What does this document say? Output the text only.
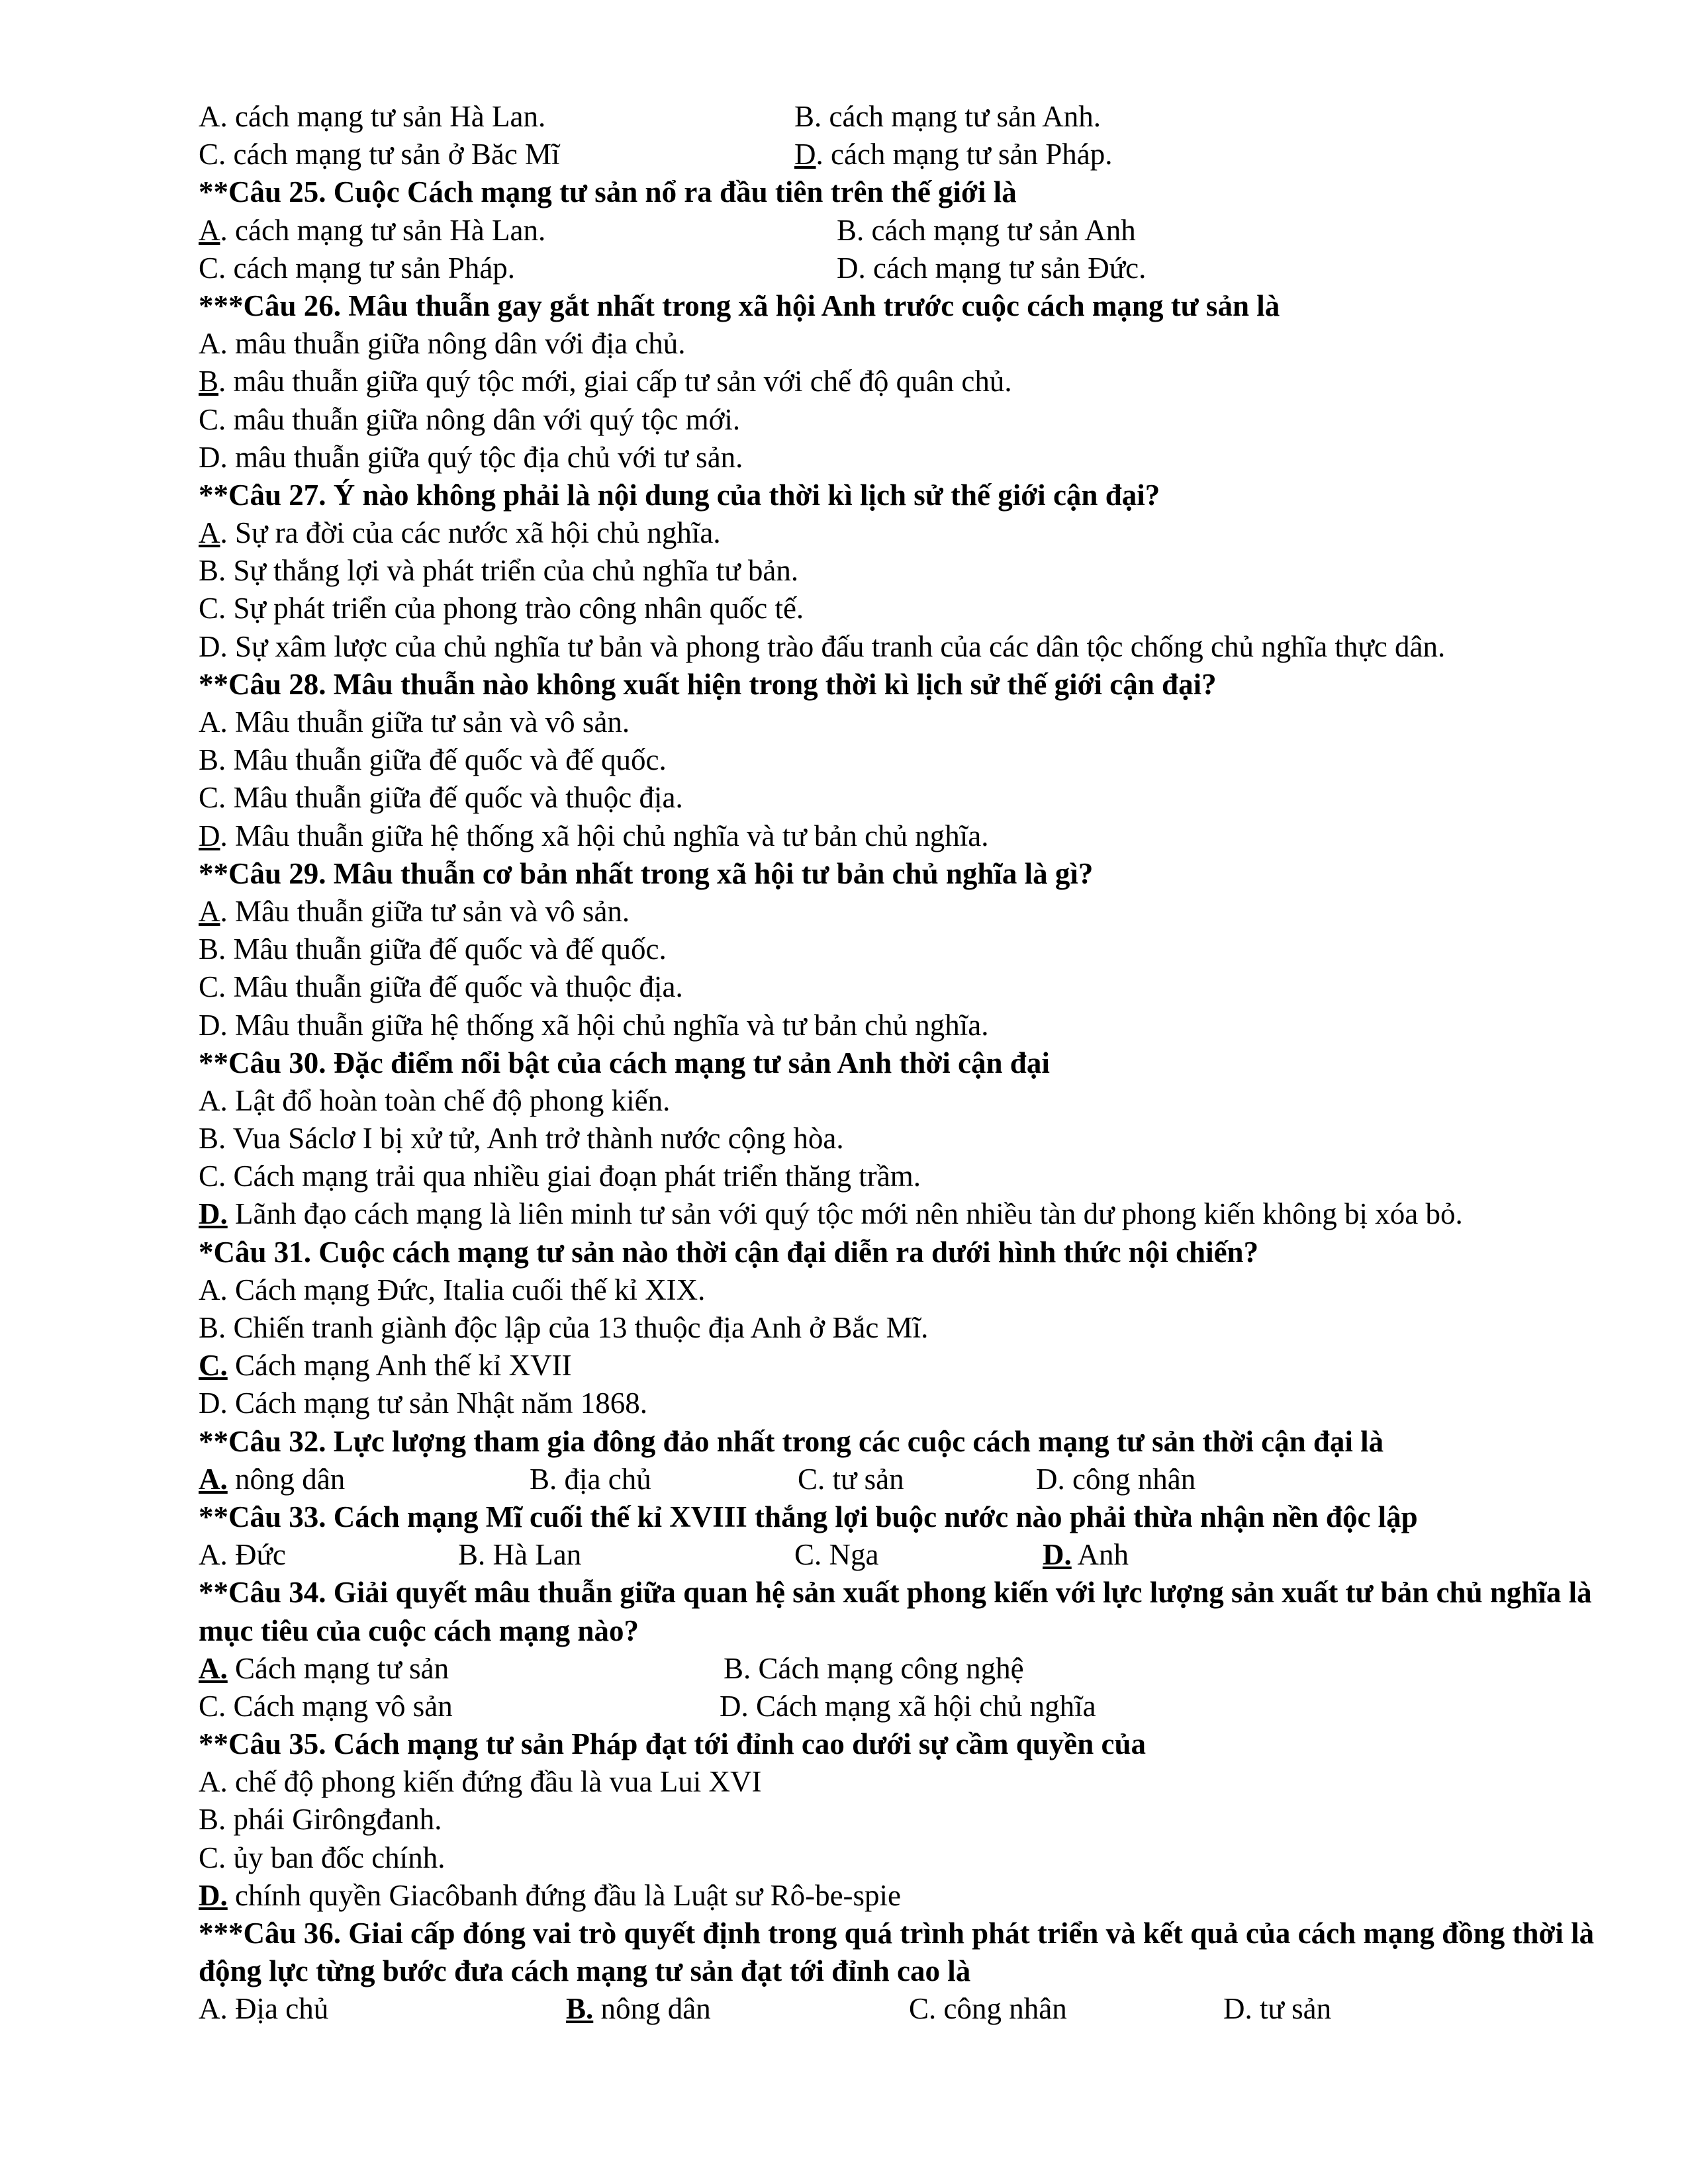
A. cách mạng tư sản Hà Lan.	B. cách mạng tư sản Anh.
C. cách mạng tư sản ở Băc Mĩ	D. cách mạng tư sản Pháp.
**Câu 25. Cuộc Cách mạng tư sản nổ ra đầu tiên trên thế giới là
A. cách mạng tư sản Hà Lan.	B. cách mạng tư sản Anh
C. cách mạng tư sản Pháp.	D. cách mạng tư sản Đức.
***Câu 26. Mâu thuẫn gay gắt nhất trong xã hội Anh trước cuộc cách mạng tư sản là
A. mâu thuẫn giữa nông dân với địa chủ.
B. mâu thuẫn giữa quý tộc mới, giai cấp tư sản với chế độ quân chủ.
C. mâu thuẫn giữa nông dân với quý tộc mới.
D. mâu thuẫn giữa quý tộc địa chủ với tư sản.
**Câu 27. Ý nào không phải là nội dung của thời kì lịch sử thế giới cận đại?
A. Sự ra đời của các nước xã hội chủ nghĩa.
B. Sự thắng lợi và phát triển của chủ nghĩa tư bản.
C. Sự phát triển của phong trào công nhân quốc tế.
D. Sự xâm lược của chủ nghĩa tư bản và phong trào đấu tranh của các dân tộc chống chủ nghĩa thực dân.
**Câu 28. Mâu thuẫn nào không xuất hiện trong thời kì lịch sử thế giới cận đại?
A. Mâu thuẫn giữa tư sản và vô sản.
B. Mâu thuẫn giữa đế quốc và đế quốc.
C. Mâu thuẫn giữa đế quốc và thuộc địa.
D. Mâu thuẫn giữa hệ thống xã hội chủ nghĩa và tư bản chủ nghĩa.
**Câu 29. Mâu thuẫn cơ bản nhất trong xã hội tư bản chủ nghĩa là gì?
A. Mâu thuẫn giữa tư sản và vô sản.
B. Mâu thuẫn giữa đế quốc và đế quốc.
C. Mâu thuẫn giữa đế quốc và thuộc địa.
D. Mâu thuẫn giữa hệ thống xã hội chủ nghĩa và tư bản chủ nghĩa.
**Câu 30. Đặc điểm nổi bật của cách mạng tư sản Anh thời cận đại
A. Lật đổ hoàn toàn chế độ phong kiến.
B. Vua Sáclơ I bị xử tử, Anh trở thành nước cộng hòa.
C. Cách mạng trải qua nhiều giai đoạn phát triển thăng trầm.
D. Lãnh đạo cách mạng là liên minh tư sản với quý tộc mới nên nhiều tàn dư phong kiến không bị xóa bỏ.
*Câu 31. Cuộc cách mạng tư sản nào thời cận đại diễn ra dưới hình thức nội chiến?
A. Cách mạng Đức, Italia cuối thế kỉ XIX.
B. Chiến tranh giành độc lập của 13 thuộc địa Anh ở Bắc Mĩ.
C. Cách mạng Anh thế kỉ XVII
D. Cách mạng tư sản Nhật năm 1868.
**Câu 32. Lực lượng tham gia đông đảo nhất trong các cuộc cách mạng tư sản thời cận đại là
A. nông dân	B. địa chủ	C. tư sản	D. công nhân
**Câu 33. Cách mạng Mĩ cuối thế kỉ XVIII thắng lợi buộc nước nào phải thừa nhận nền độc lập
A. Đức	B. Hà Lan	C. Nga	D. Anh
**Câu 34. Giải quyết mâu thuẫn giữa quan hệ sản xuất phong kiến với lực lượng sản xuất tư bản chủ nghĩa là mục tiêu của cuộc cách mạng nào?
A. Cách mạng tư sản	B. Cách mạng công nghệ
C. Cách mạng vô sản	D. Cách mạng xã hội chủ nghĩa
**Câu 35. Cách mạng tư sản Pháp đạt tới đỉnh cao dưới sự cầm quyền của
A. chế độ phong kiến đứng đầu là vua Lui XVI
B. phái Girôngđanh.
C. ủy ban đốc chính.
D. chính quyền Giacôbanh đứng đầu là Luật sư Rô-be-spie
***Câu 36. Giai cấp đóng vai trò quyết định trong quá trình phát triển và kết quả của cách mạng đồng thời là động lực từng bước đưa cách mạng tư sản đạt tới đỉnh cao là
A. Địa chủ	B. nông dân	C. công nhân	D. tư sản
